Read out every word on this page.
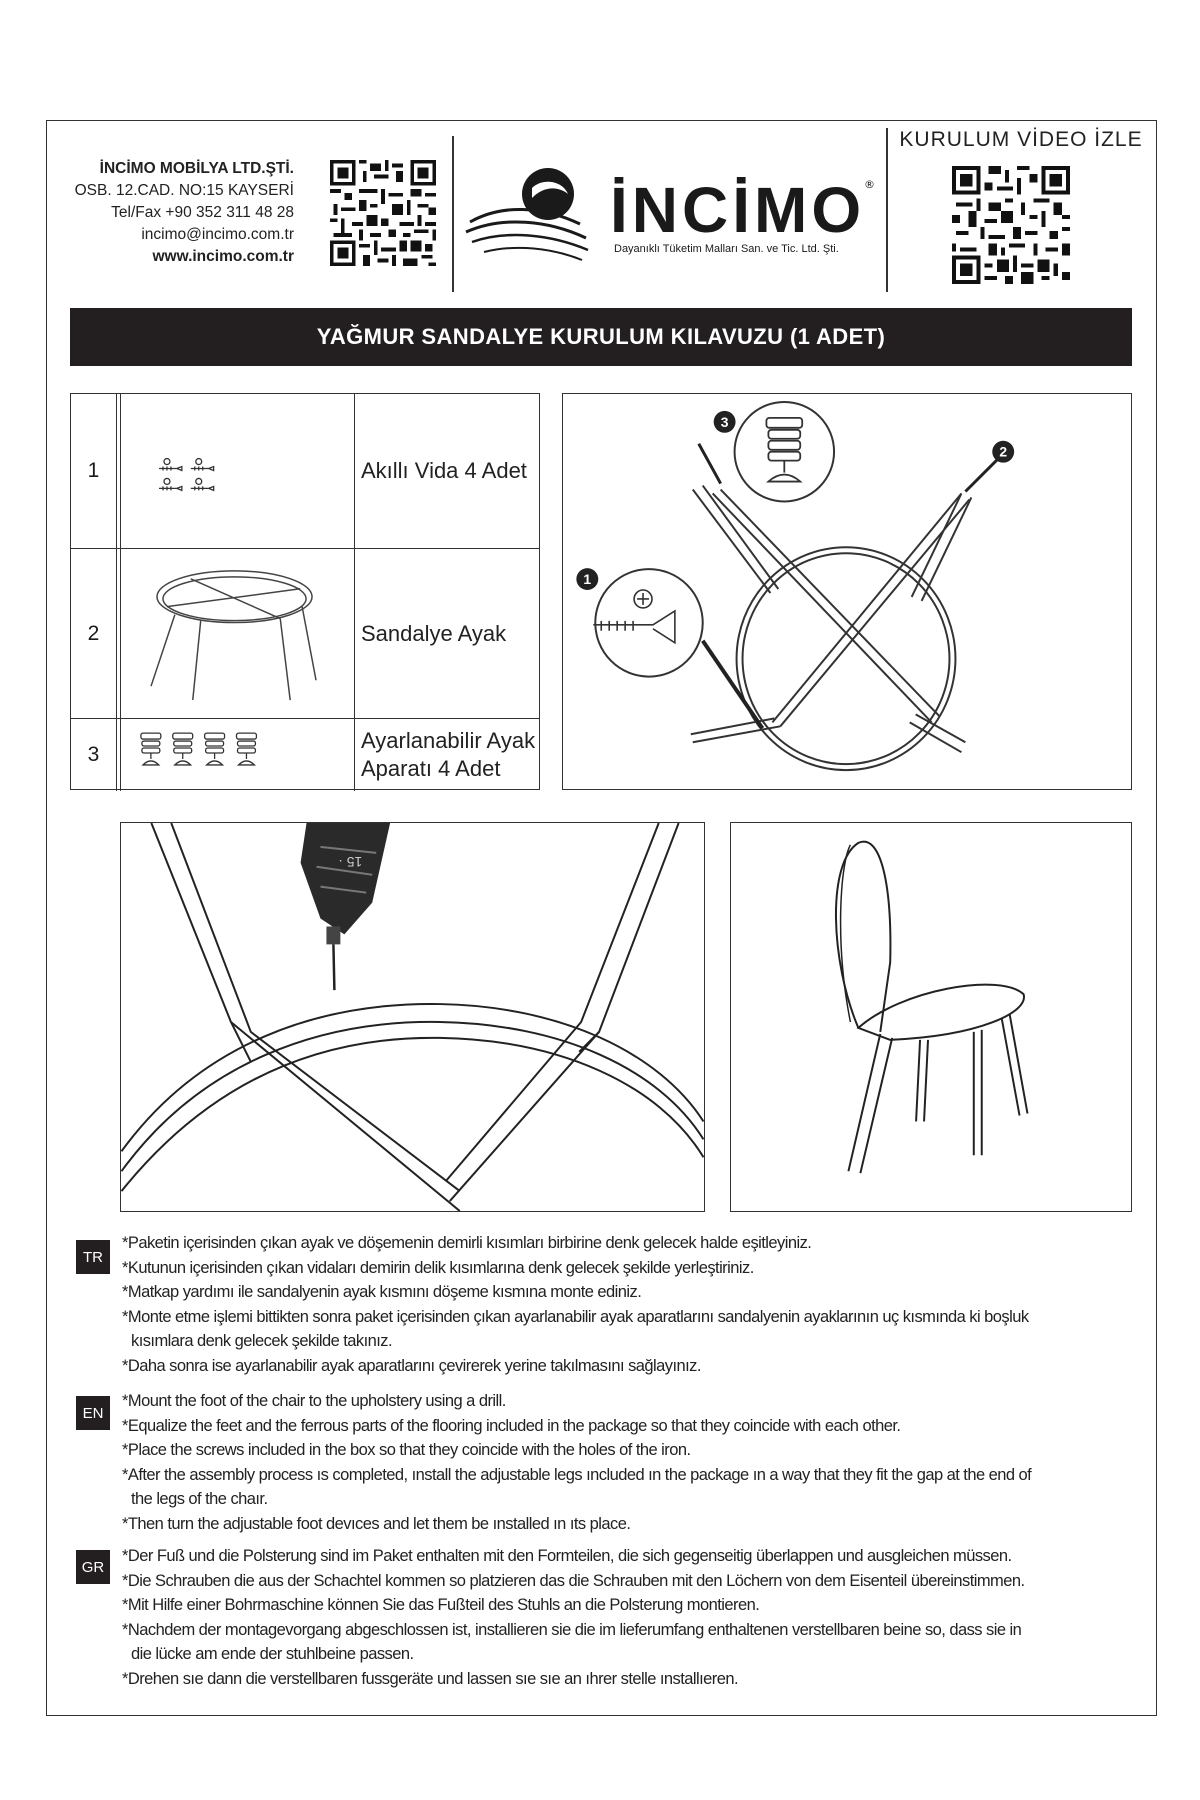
İNCİMO MOBİLYA LTD.ŞTİ.
OSB. 12.CAD. NO:15 KAYSERİ
Tel/Fax +90 352 311 48 28
incimo@incimo.com.tr
www.incimo.com.tr
İNCİMO
®
Dayanıklı Tüketim Malları San. ve Tic. Ltd. Şti.
KURULUM VİDEO İZLE
YAĞMUR SANDALYE KURULUM KILAVUZU (1 ADET)
1	Akıllı Vida 4 Adet
2	Sandalye Ayak
3
Ayarlanabilir Ayak
Aparatı 4 Adet
3
2
1
15 ·
TR

*Paketin içerisinden çıkan ayak ve döşemenin demirli kısımları birbirine denk gelecek halde eşitleyiniz.

*Kutunun içerisinden çıkan vidaları demirin delik kısımlarına denk gelecek şekilde yerleştiriniz.

*Matkap yardımı ile sandalyenin ayak kısmını döşeme kısmına monte ediniz.

*Monte etme işlemi bittikten sonra paket içerisinden çıkan ayarlanabilir ayak aparatlarını sandalyenin ayaklarının uç kısmında ki boşluk

kısımlara denk gelecek şekilde takınız.

*Daha sonra ise ayarlanabilir ayak aparatlarını çevirerek yerine takılmasını sağlayınız.

EN

*Mount the foot of the chair to the upholstery using a drill.

*Equalize the feet and the ferrous parts of the flooring included in the package so that they coincide with each other.

*Place the screws included in the box so that they coincide with the holes of the iron.

*After the assembly process ıs completed, ınstall the adjustable legs ıncluded ın the package ın a way that they fit the gap at the end of

the legs of the chaır.

*Then turn the adjustable foot devıces and let them be ınstalled ın ıts place.

GR

*Der Fuß und die Polsterung sind im Paket enthalten mit den Formteilen, die sich gegenseitig überlappen und ausgleichen müssen.

*Die Schrauben die aus der Schachtel kommen so platzieren das die Schrauben mit den Löchern von dem Eisenteil übereinstimmen.

*Mit Hilfe einer Bohrmaschine können Sie das Fußteil des Stuhls an die Polsterung montieren.

*Nachdem der montagevorgang abgeschlossen ist, installieren sie die im lieferumfang enthaltenen verstellbaren beine so, dass sie in

die lücke am ende der stuhlbeine passen.

*Drehen sıe dann die verstellbaren fussgeräte und lassen sıe sıe an ıhrer stelle ınstallıeren.
